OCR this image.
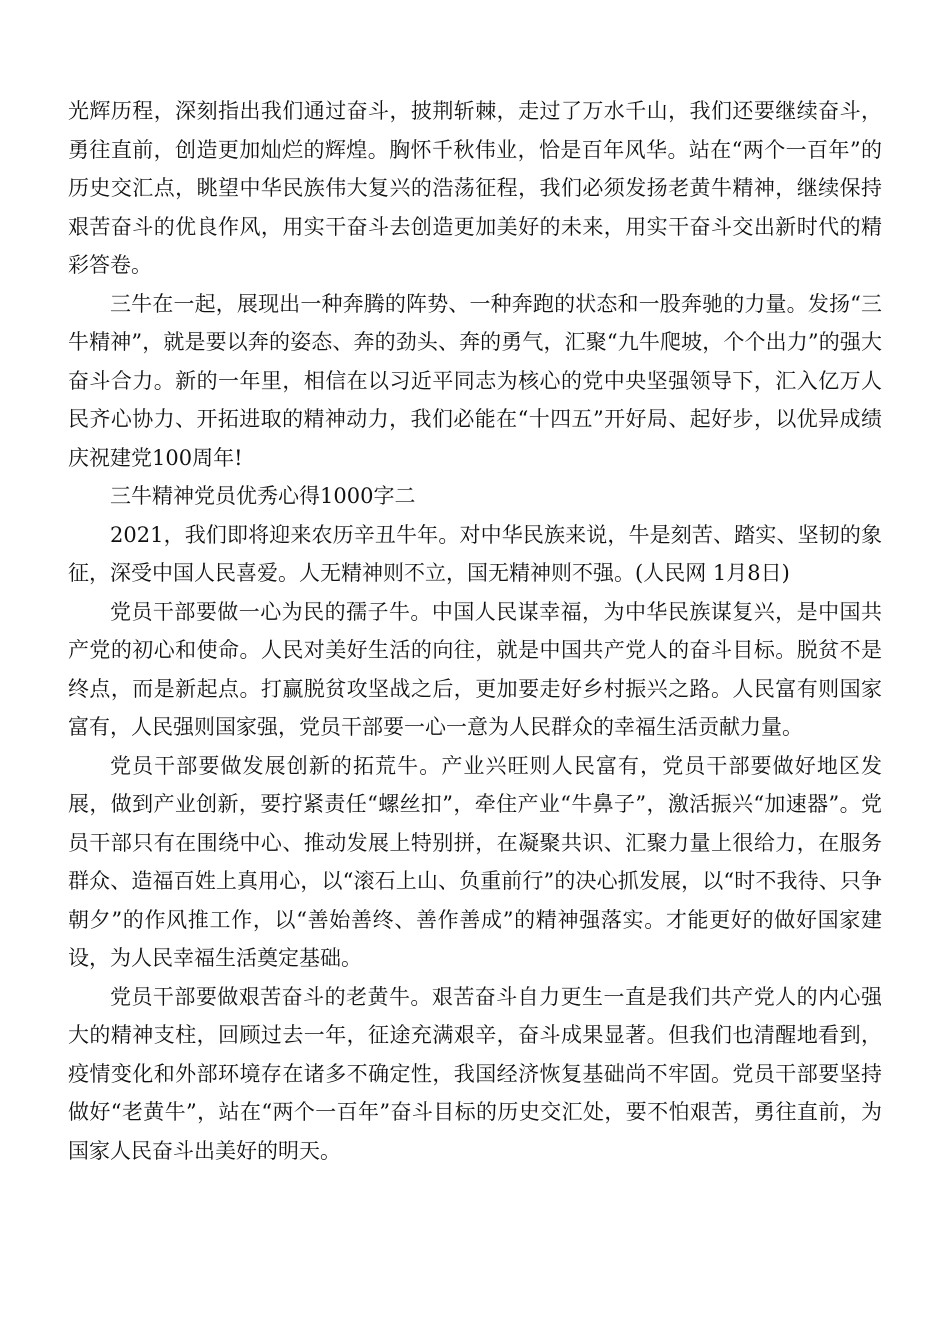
光辉历程，深刻指出我们通过奋斗，披荆斩棘，走过了万水千山，我们还要继续奋斗，勇往直前，创造更加灿烂的辉煌。胸怀千秋伟业，恰是百年风华。站在“两个一百年”的历史交汇点，眺望中华民族伟大复兴的浩荡征程，我们必须发扬老黄牛精神，继续保持艰苦奋斗的优良作风，用实干奋斗去创造更加美好的未来，用实干奋斗交出新时代的精彩答卷。

三牛在一起，展现出一种奔腾的阵势、一种奔跑的状态和一股奔驰的力量。发扬“三牛精神”，就是要以奔的姿态、奔的劲头、奔的勇气，汇聚“九牛爬坡，个个出力”的强大奋斗合力。新的一年里，相信在以习近平同志为核心的党中央坚强领导下，汇入亿万人民齐心协力、开拓进取的精神动力，我们必能在“十四五”开好局、起好步，以优异成绩庆祝建党100周年!

三牛精神党员优秀心得1000字二

2021，我们即将迎来农历辛丑牛年。对中华民族来说，牛是刻苦、踏实、坚韧的象征，深受中国人民喜爱。人无精神则不立，国无精神则不强。(人民网 1月8日)

党员干部要做一心为民的孺子牛。中国人民谋幸福，为中华民族谋复兴，是中国共产党的初心和使命。人民对美好生活的向往，就是中国共产党人的奋斗目标。脱贫不是终点，而是新起点。打赢脱贫攻坚战之后，更加要走好乡村振兴之路。人民富有则国家富有，人民强则国家强，党员干部要一心一意为人民群众的幸福生活贡献力量。

党员干部要做发展创新的拓荒牛。产业兴旺则人民富有，党员干部要做好地区发展，做到产业创新，要拧紧责任“螺丝扣”，牵住产业“牛鼻子”，激活振兴“加速器”。党员干部只有在围绕中心、推动发展上特别拼，在凝聚共识、汇聚力量上很给力，在服务群众、造福百姓上真用心，以“滚石上山、负重前行”的决心抓发展，以“时不我待、只争朝夕”的作风推工作，以“善始善终、善作善成”的精神强落实。才能更好的做好国家建设，为人民幸福生活奠定基础。

党员干部要做艰苦奋斗的老黄牛。艰苦奋斗自力更生一直是我们共产党人的内心强大的精神支柱，回顾过去一年，征途充满艰辛，奋斗成果显著。但我们也清醒地看到，疫情变化和外部环境存在诸多不确定性，我国经济恢复基础尚不牢固。党员干部要坚持做好“老黄牛”，站在“两个一百年”奋斗目标的历史交汇处，要不怕艰苦，勇往直前，为国家人民奋斗出美好的明天。
